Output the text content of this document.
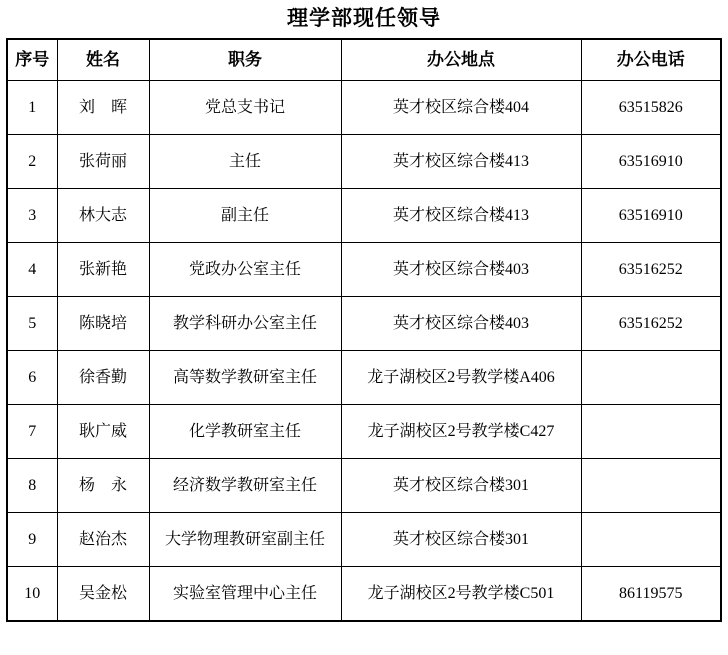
理学部现任领导
序号	姓名	职务	办公地点	办公电话
1	刘　晖	党总支书记	英才校区综合楼404	63515826
2	张荷丽	主任	英才校区综合楼413	63516910
3	林大志	副主任	英才校区综合楼413	63516910
4	张新艳	党政办公室主任	英才校区综合楼403	63516252
5	陈晓培	教学科研办公室主任	英才校区综合楼403	63516252
6	徐香勤	高等数学教研室主任	龙子湖校区2号教学楼A406	
7	耿广威	化学教研室主任	龙子湖校区2号教学楼C427	
8	杨　永	经济数学教研室主任	英才校区综合楼301	
9	赵治杰	大学物理教研室副主任	英才校区综合楼301	
10	吴金松	实验室管理中心主任	龙子湖校区2号教学楼C501	86119575
